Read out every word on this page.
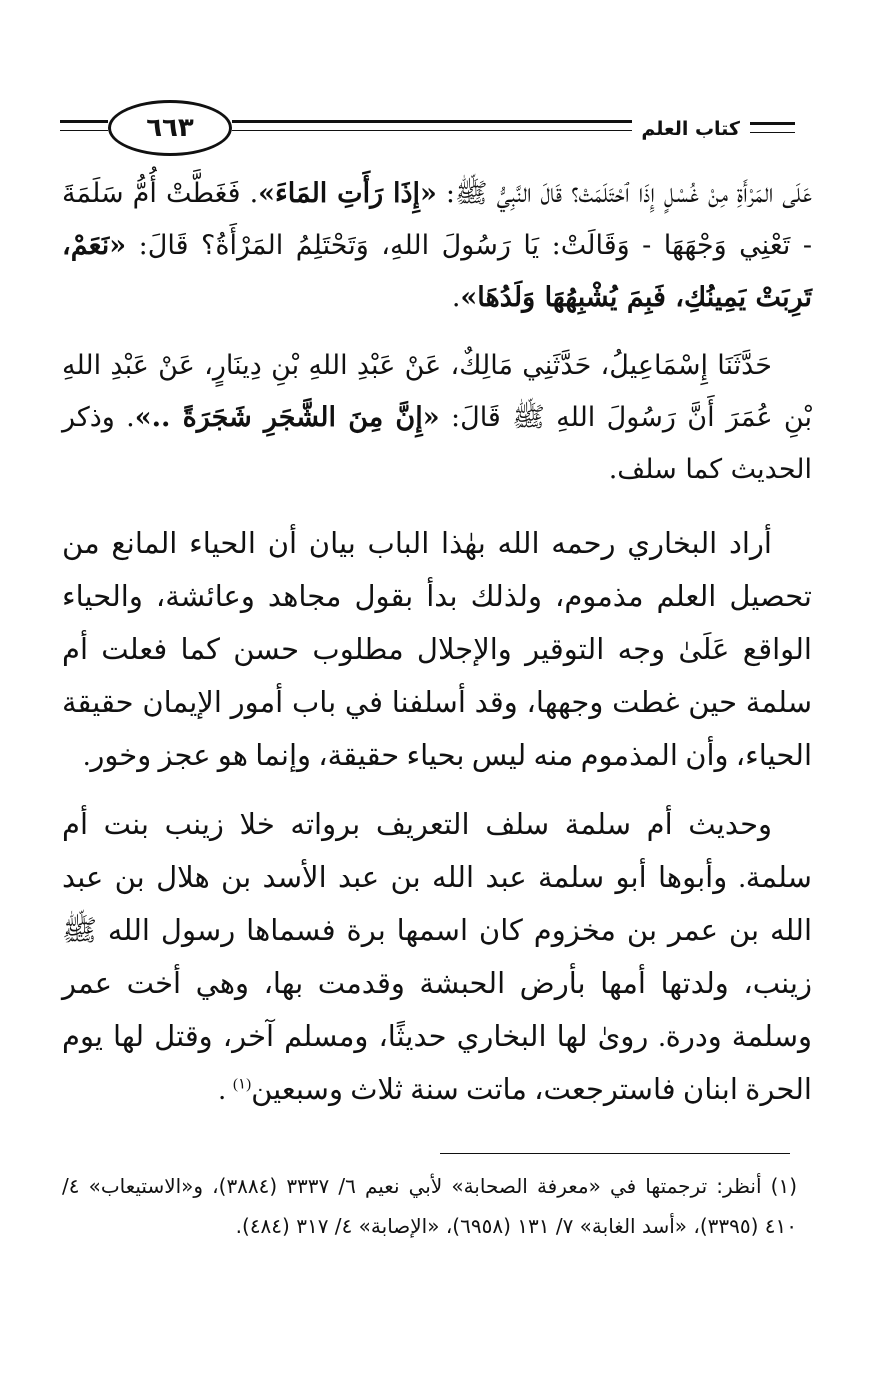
٦٦٣	كتاب العلم

عَلَى المَرْأَةِ مِنْ غُسْلٍ إِذَا ٱحْتَلَمَتْ؟ قَالَ النَّبِيُّ ﷺ: «إِذَا رَأَتِ المَاءَ». فَغَطَّتْ أُمُّ سَلَمَةَ - تَعْنِي وَجْهَهَا - وَقَالَتْ: يَا رَسُولَ اللهِ، وَتَحْتَلِمُ المَرْأَةُ؟ قَالَ: «نَعَمْ، تَرِبَتْ يَمِينُكِ، فَبِمَ يُشْبِهُهَا وَلَدُهَا».

حَدَّثَنَا إِسْمَاعِيلُ، حَدَّثَنِي مَالِكٌ، عَنْ عَبْدِ اللهِ بْنِ دِينَارٍ، عَنْ عَبْدِ اللهِ بْنِ عُمَرَ أَنَّ رَسُولَ اللهِ ﷺ قَالَ: «إِنَّ مِنَ الشَّجَرِ شَجَرَةً ..». وذكر الحديث كما سلف.

أراد البخاري رحمه الله بهٰذا الباب بيان أن الحياء المانع من تحصيل العلم مذموم، ولذلك بدأ بقول مجاهد وعائشة، والحياء الواقع عَلَىٰ وجه التوقير والإجلال مطلوب حسن كما فعلت أم سلمة حين غطت وجهها، وقد أسلفنا في باب أمور الإيمان حقيقة الحياء، وأن المذموم منه ليس بحياء حقيقة، وإنما هو عجز وخور.

وحديث أم سلمة سلف التعريف برواته خلا زينب بنت أم سلمة. وأبوها أبو سلمة عبد الله بن عبد الأسد بن هلال بن عبد الله بن عمر بن مخزوم كان اسمها برة فسماها رسول الله ﷺ زينب، ولدتها أمها بأرض الحبشة وقدمت بها، وهي أخت عمر وسلمة ودرة. روىٰ لها البخاري حديثًا، ومسلم آخر، وقتل لها يوم الحرة ابنان فاسترجعت، ماتت سنة ثلاث وسبعين$^{(١)}$ .

(١) أنظر: ترجمتها في «معرفة الصحابة» لأبي نعيم ٦/ ٣٣٣٧ (٣٨٨٤)، و«الاستيعاب» ٤/ ٤١٠ (٣٣٩٥)، «أسد الغابة» ٧/ ١٣١ (٦٩٥٨)، «الإصابة» ٤/ ٣١٧ (٤٨٤).
